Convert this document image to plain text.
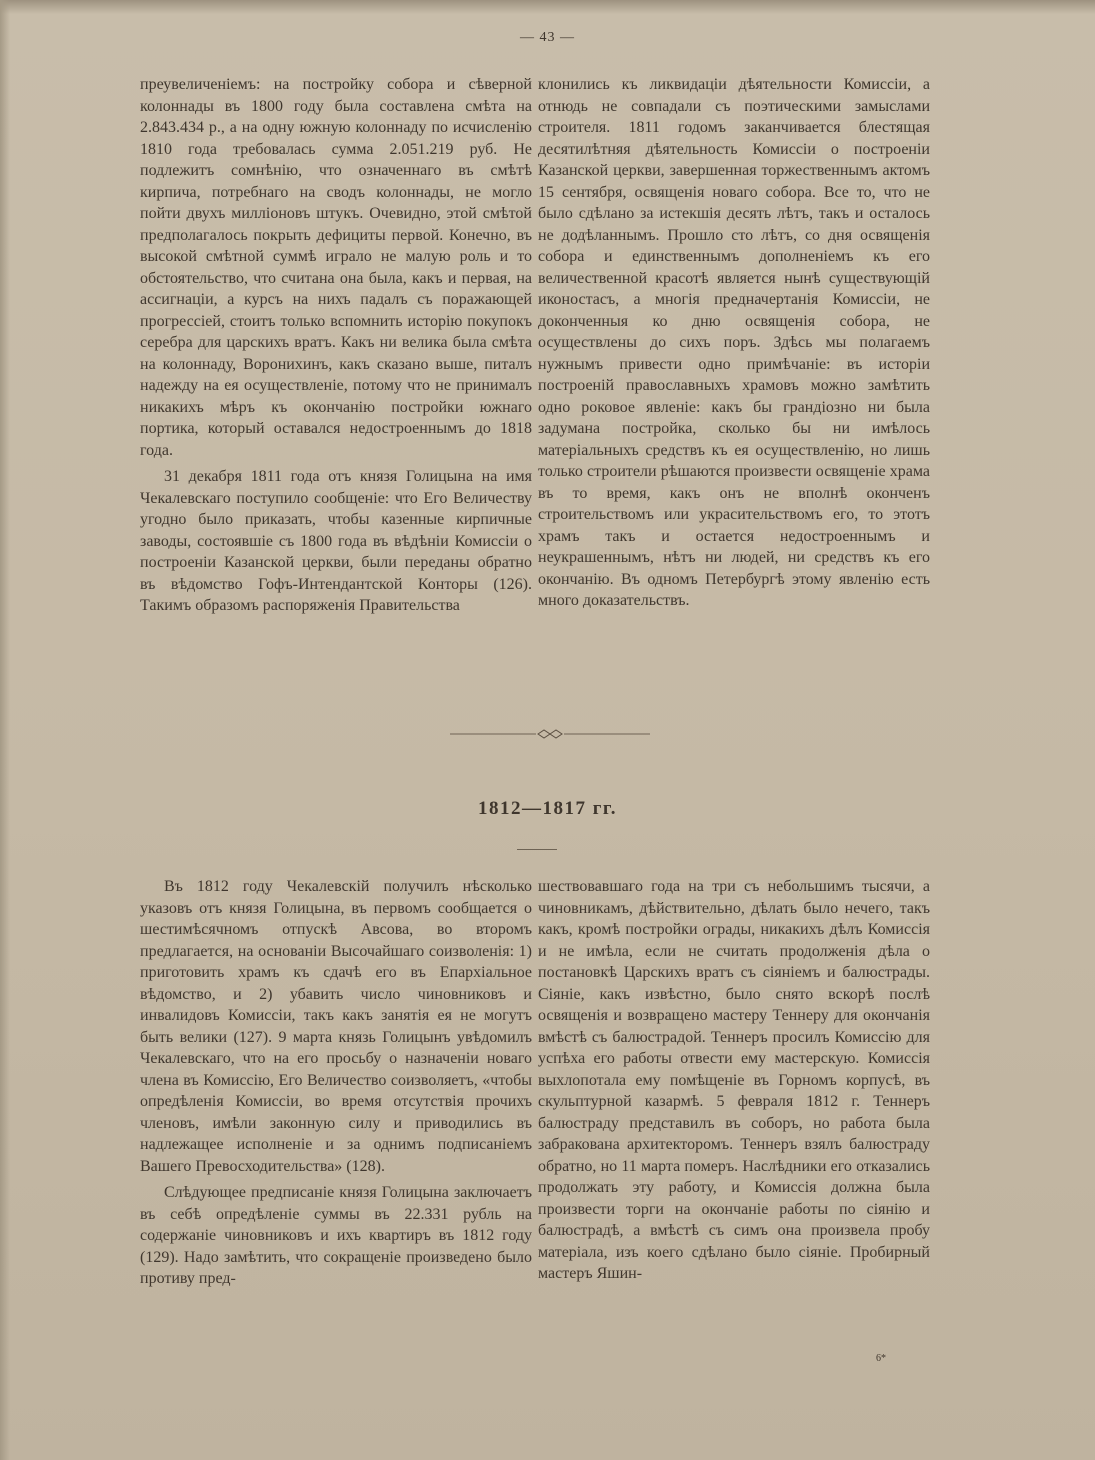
— 43 —

преувеличеніемъ: на постройку собора и сѣверной колоннады въ 1800 году была составлена смѣта на 2.843.434 р., а на одну южную колоннаду по исчисленію 1810 года требовалась сумма 2.051.219 руб. Не подлежитъ сомнѣнію, что означеннаго въ смѣтѣ кирпича, потребнаго на сводъ колоннады, не могло пойти двухъ милліоновъ штукъ. Очевидно, этой смѣтой предполагалось покрыть дефициты первой. Конечно, въ высокой смѣтной суммѣ играло не малую роль и то обстоятельство, что считана она была, какъ и первая, на ассигнаціи, а курсъ на нихъ падалъ съ поражающей прогрессіей, стоитъ только вспомнить исторію покупокъ серебра для царскихъ вратъ. Какъ ни велика была смѣта на колоннаду, Воронихинъ, какъ сказано выше, питалъ надежду на ея осуществленіе, потому что не принималъ никакихъ мѣръ къ окончанію постройки южнаго портика, который оставался недостроеннымъ до 1818 года.

31 декабря 1811 года отъ князя Голицына на имя Чекалевскаго поступило сообщеніе: что Его Величеству угодно было приказать, чтобы казенные кирпичные заводы, состоявшіе съ 1800 года въ вѣдѣніи Комиссіи о построеніи Казанской церкви, были переданы обратно въ вѣдомство Гофъ-Интендантской Конторы (126). Такимъ образомъ распоряженія Правительства

клонились къ ликвидаціи дѣятельности Комиссіи, а отнюдь не совпадали съ поэтическими замыслами строителя. 1811 годомъ заканчивается блестящая десятилѣтняя дѣятельность Комиссіи о построеніи Казанской церкви, завершенная торжественнымъ актомъ 15 сентября, освященія новаго собора. Все то, что не было сдѣлано за истекшія десять лѣтъ, такъ и осталось не додѣланнымъ. Прошло сто лѣтъ, со дня освященія собора и единственнымъ дополненіемъ къ его величественной красотѣ является нынѣ существующій иконостасъ, а многія предначертанія Комиссіи, не доконченныя ко дню освященія собора, не осуществлены до сихъ поръ. Здѣсь мы полагаемъ нужнымъ привести одно примѣчаніе: въ исторіи построеній православныхъ храмовъ можно замѣтить одно роковое явленіе: какъ бы грандіозно ни была задумана постройка, сколько бы ни имѣлось матеріальныхъ средствъ къ ея осуществленію, но лишь только строители рѣшаются произвести освященіе храма въ то время, какъ онъ не вполнѣ оконченъ строительствомъ или украсительствомъ его, то этотъ храмъ такъ и остается недостроеннымъ и неукрашеннымъ, нѣтъ ни людей, ни средствъ къ его окончанію. Въ одномъ Петербургѣ этому явленію есть много доказательствъ.

1812—1817 гг.

Въ 1812 году Чекалевскій получилъ нѣсколько указовъ отъ князя Голицына, въ первомъ сообщается о шестимѣсячномъ отпускѣ Авсова, во второмъ предлагается, на основаніи Высочайшаго соизволенія: 1) приготовить храмъ къ сдачѣ его въ Епархіальное вѣдомство, и 2) убавить число чиновниковъ и инвалидовъ Комиссіи, такъ какъ занятія ея не могутъ быть велики (127). 9 марта князь Голицынъ увѣдомилъ Чекалевскаго, что на его просьбу о назначеніи новаго члена въ Комиссію, Его Величество соизволяетъ, «чтобы опредѣленія Комиссіи, во время отсутствія прочихъ членовъ, имѣли законную силу и приводились въ надлежащее исполненіе и за однимъ подписаніемъ Вашего Превосходительства» (128).

Слѣдующее предписаніе князя Голицына заключаетъ въ себѣ опредѣленіе суммы въ 22.331 рубль на содержаніе чиновниковъ и ихъ квартиръ въ 1812 году (129). Надо замѣтить, что сокращеніе произведено было противу пред-

шествовавшаго года на три съ небольшимъ тысячи, а чиновникамъ, дѣйствительно, дѣлать было нечего, такъ какъ, кромѣ постройки ограды, никакихъ дѣлъ Комиссія и не имѣла, если не считать продолженія дѣла о постановкѣ Царскихъ вратъ съ сіяніемъ и балюстрады. Сіяніе, какъ извѣстно, было снято вскорѣ послѣ освященія и возвращено мастеру Теннеру для окончанія вмѣстѣ съ балюстрадой. Теннеръ просилъ Комиссію для успѣха его работы отвести ему мастерскую. Комиссія выхлопотала ему помѣщеніе въ Горномъ корпусѣ, въ скульптурной казармѣ. 5 февраля 1812 г. Теннеръ балюстраду представилъ въ соборъ, но работа была забракована архитекторомъ. Теннеръ взялъ балюстраду обратно, но 11 марта померъ. Наслѣдники его отказались продолжать эту работу, и Комиссія должна была произвести торги на окончаніе работы по сіянію и балюстрадѣ, а вмѣстѣ съ симъ она произвела пробу матеріала, изъ коего сдѣлано было сіяніе. Пробирный мастеръ Яшин-

6*
